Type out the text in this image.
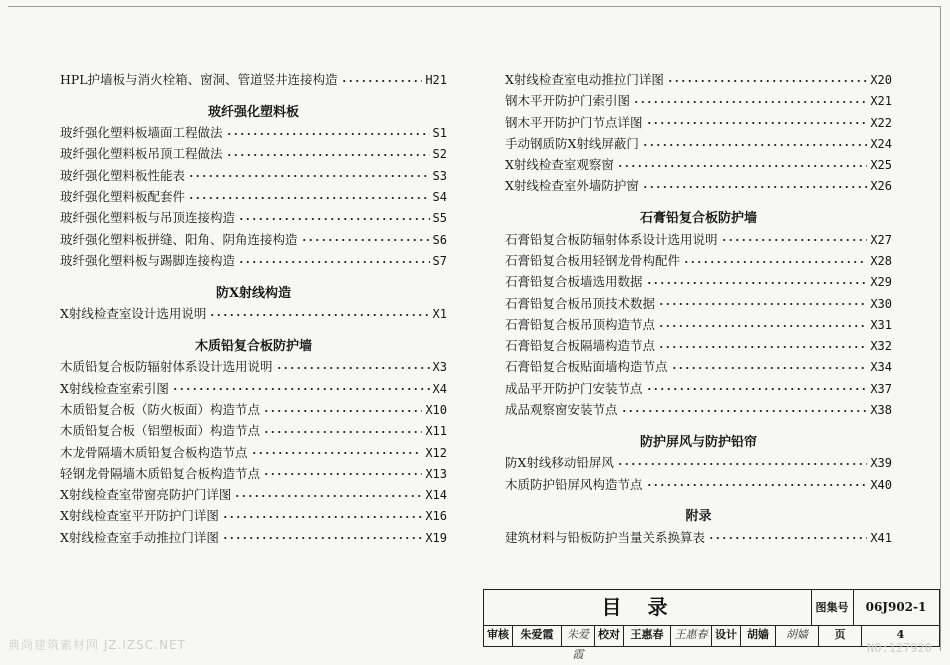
HPL护墙板与消火栓箱、窗洞、管道竖井连接构造	H21
玻纤强化塑料板
玻纤强化塑料板墙面工程做法	S1
玻纤强化塑料板吊顶工程做法	S2
玻纤强化塑料板性能表	S3
玻纤强化塑料板配套件	S4
玻纤强化塑料板与吊顶连接构造	S5
玻纤强化塑料板拼缝、阳角、阴角连接构造	S6
玻纤强化塑料板与踢脚连接构造	S7
防X射线构造
X射线检查室设计选用说明	X1
木质铅复合板防护墙
木质铅复合板防辐射体系设计选用说明	X3
X射线检查室索引图	X4
木质铅复合板（防火板面）构造节点	X10
木质铅复合板（铝塑板面）构造节点	X11
木龙骨隔墙木质铅复合板构造节点	X12
轻钢龙骨隔墙木质铅复合板构造节点	X13
X射线检查室带窗亮防护门详图	X14
X射线检查室平开防护门详图	X16
X射线检查室手动推拉门详图	X19
X射线检查室电动推拉门详图	X20
钢木平开防护门索引图	X21
钢木平开防护门节点详图	X22
手动钢质防X射线屏蔽门	X24
X射线检查室观察窗	X25
X射线检查室外墙防护窗	X26
石膏铅复合板防护墙
石膏铅复合板防辐射体系设计选用说明	X27
石膏铅复合板用轻钢龙骨构配件	X28
石膏铅复合板墙选用数据	X29
石膏铅复合板吊顶技术数据	X30
石膏铅复合板吊顶构造节点	X31
石膏铅复合板隔墙构造节点	X32
石膏铅复合板贴面墙构造节点	X34
成品平开防护门安装节点	X37
成品观察窗安装节点	X38
防护屏风与防护铅帘
防X射线移动铅屏风	X39
木质防护铅屏风构造节点	X40
附录
建筑材料与铅板防护当量关系换算表	X41
目录	图集号	06J902-1
审核	朱爱霞	朱爱霞
校对 王惠春	王惠春 设计 胡嫱	胡嫱	页	4
典尚建筑素材网 JZ.IZSC.NET	NO:127920
